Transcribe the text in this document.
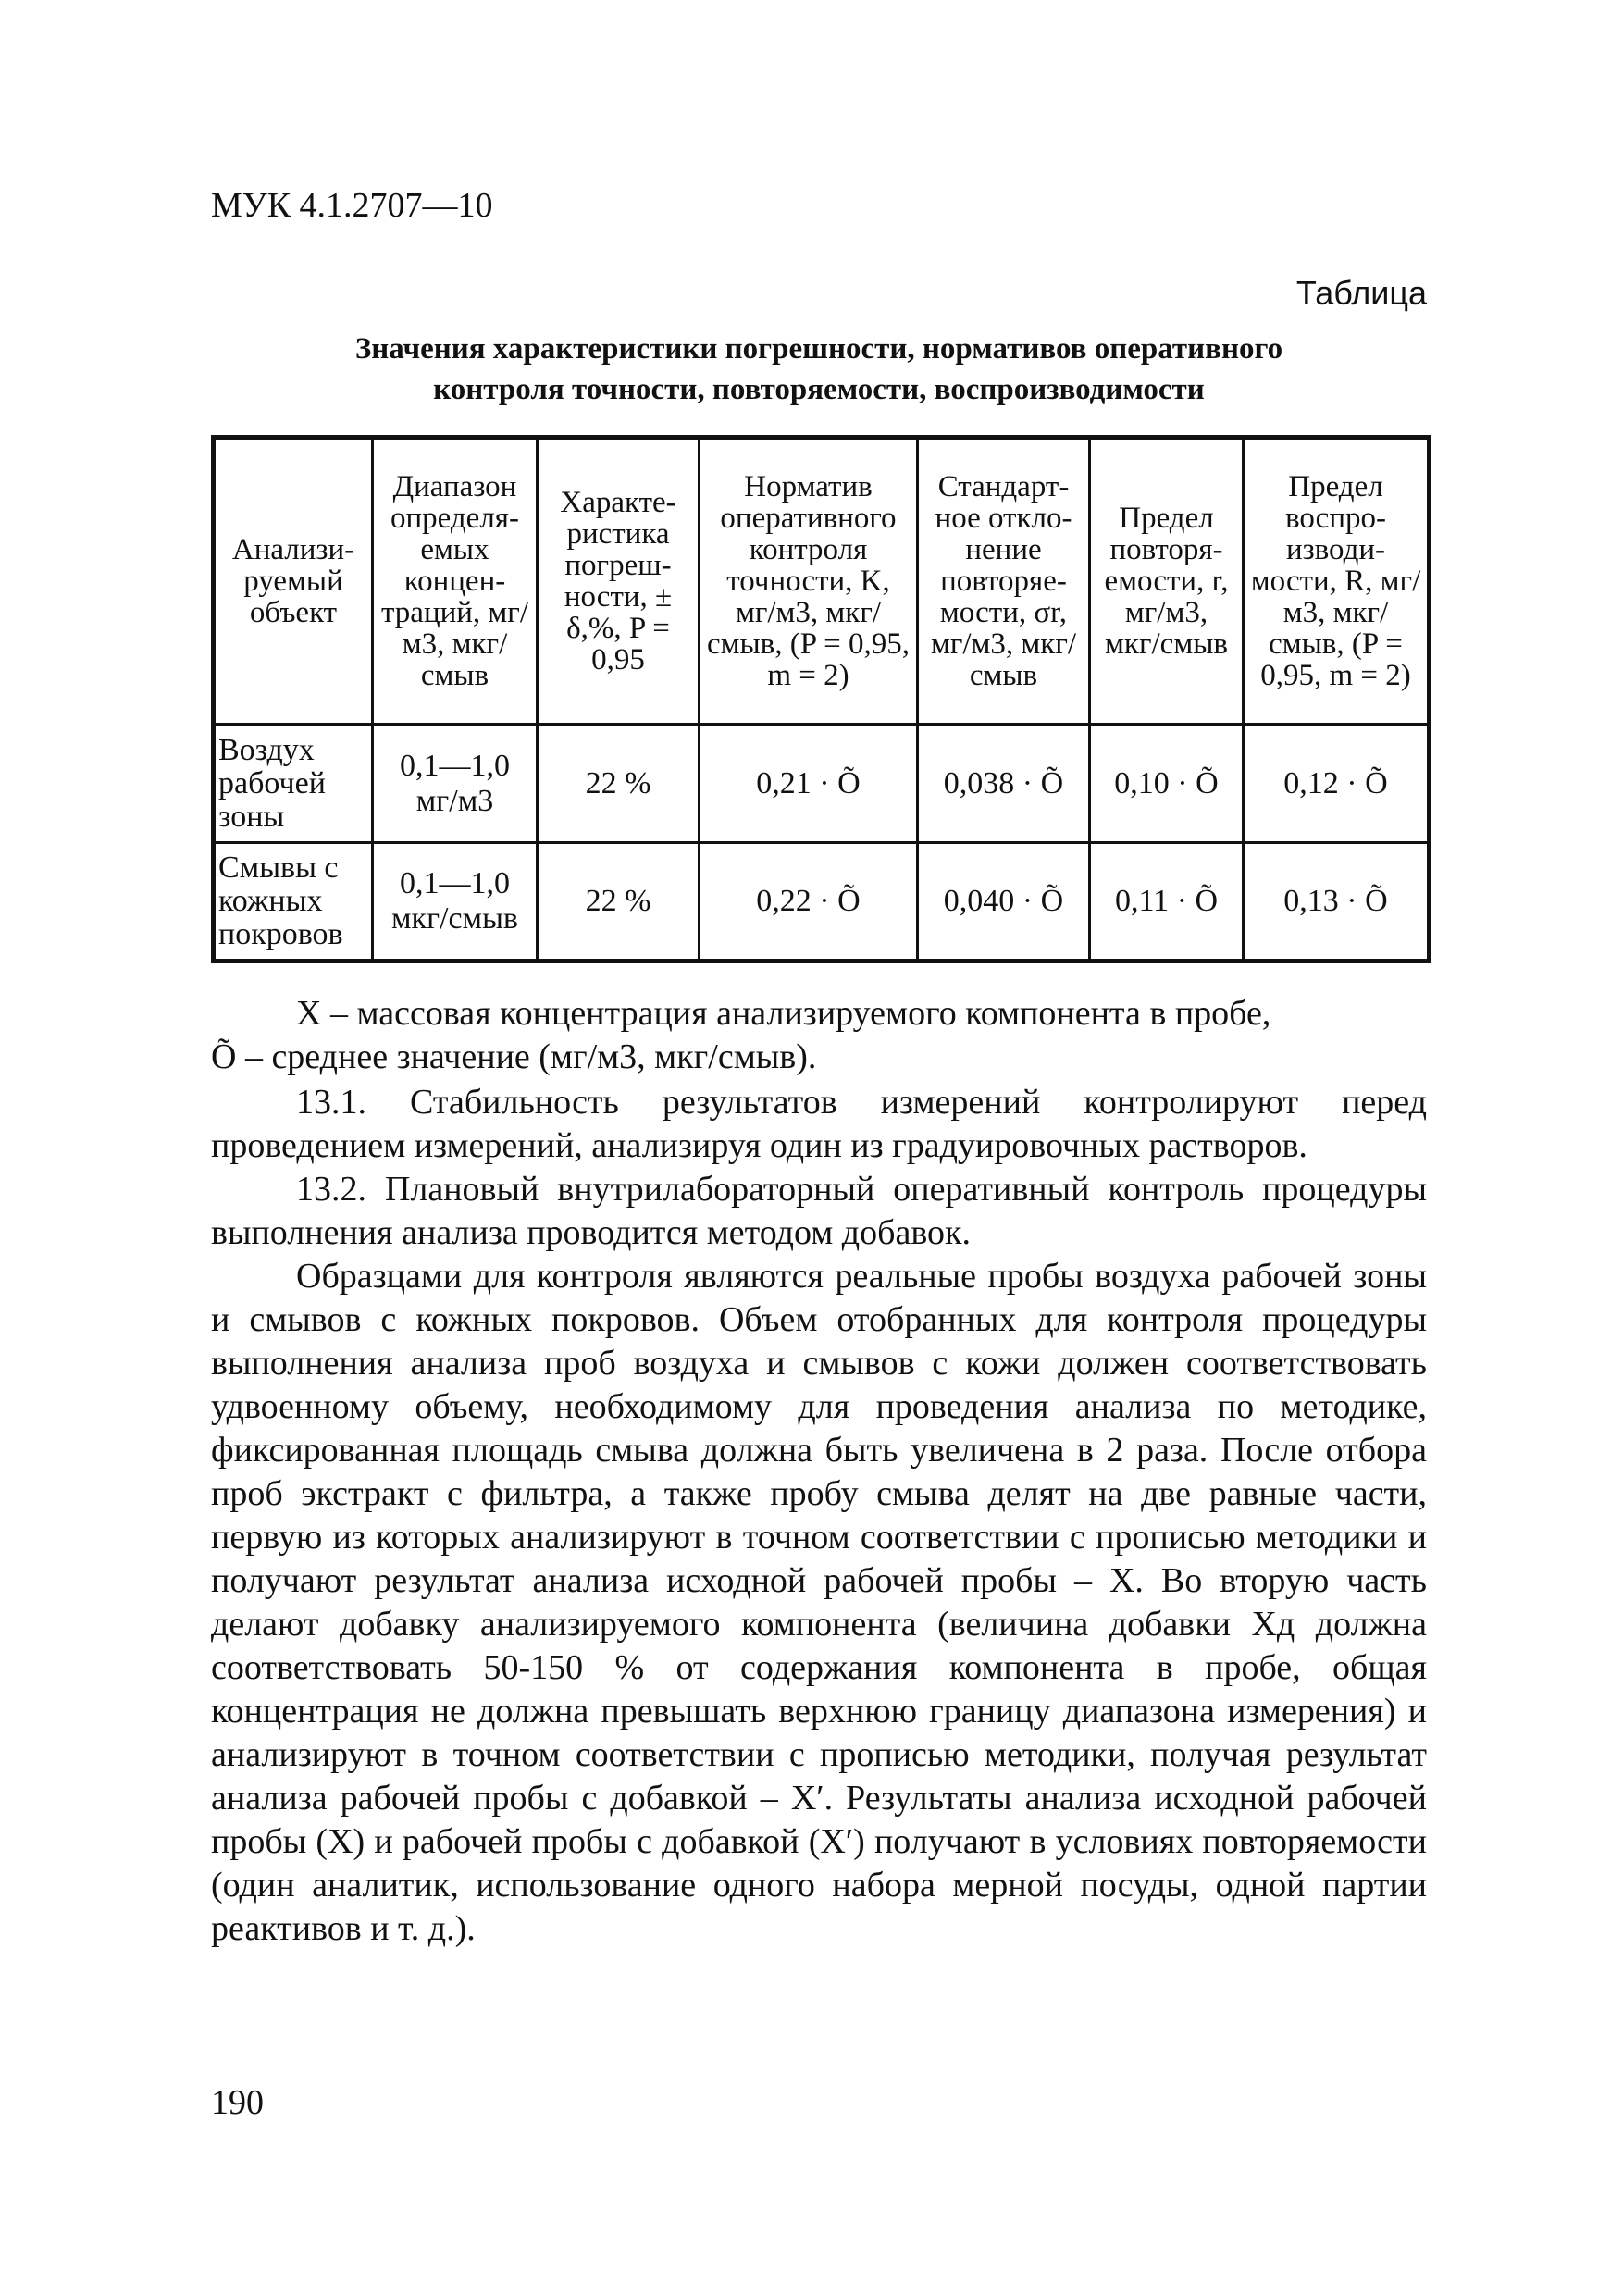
МУК 4.1.2707—10
Таблица
Значения характеристики погрешности, нормативов оперативного
контроля точности, повторяемости, воспроизводимости
Анализи-руемый объект	Диапазон определя-емых концен-траций, мг/м3, мкг/смыв	Характе-ристика погреш-ности, ± δ,%, P = 0,95	Норматив оперативного контроля точности, K, мг/м3, мкг/смыв, (P = 0,95, m = 2)	Стандарт-ное откло-нение повторяе-мости, σr, мг/м3, мкг/смыв	Предел повторя-емости, r, мг/м3, мкг/смыв	Предел воспро-изводи-мости, R, мг/м3, мкг/смыв, (P = 0,95, m = 2)
Воздух рабочей зоны	0,1—1,0 мг/м3	22 %	0,21 · Õ	0,038 · Õ	0,10 · Õ	0,12 · Õ
Смывы с кожных покровов	0,1—1,0 мкг/смыв	22 %	0,22 · Õ	0,040 · Õ	0,11 · Õ	0,13 · Õ

X – массовая концентрация анализируемого компонента в пробе,

Õ – среднее значение (мг/м3, мкг/смыв).

13.1. Стабильность результатов измерений контролируют перед проведением измерений, анализируя один из градуировочных растворов.

13.2. Плановый внутрилабораторный оперативный контроль процедуры выполнения анализа проводится методом добавок.

Образцами для контроля являются реальные пробы воздуха рабочей зоны и смывов с кожных покровов. Объем отобранных для контроля процедуры выполнения анализа проб воздуха и смывов с кожи должен соответствовать удвоенному объему, необходимому для проведения анализа по методике, фиксированная площадь смыва должна быть увеличена в 2 раза. После отбора проб экстракт с фильтра, а также пробу смыва делят на две равные части, первую из которых анализируют в точном соответствии с прописью методики и получают результат анализа исходной рабочей пробы – X. Во вторую часть делают добавку анализируемого компонента (величина добавки Xд должна соответствовать 50-150 % от содержания компонента в пробе, общая концентрация не должна превышать верхнюю границу диапазона измерения) и анализируют в точном соответствии с прописью методики, получая результат анализа рабочей пробы с добавкой – X′. Результаты анализа исходной рабочей пробы (X) и рабочей пробы с добавкой (X′) получают в условиях повторяемости (один аналитик, использование одного набора мерной посуды, одной партии реактивов и т. д.).

190
